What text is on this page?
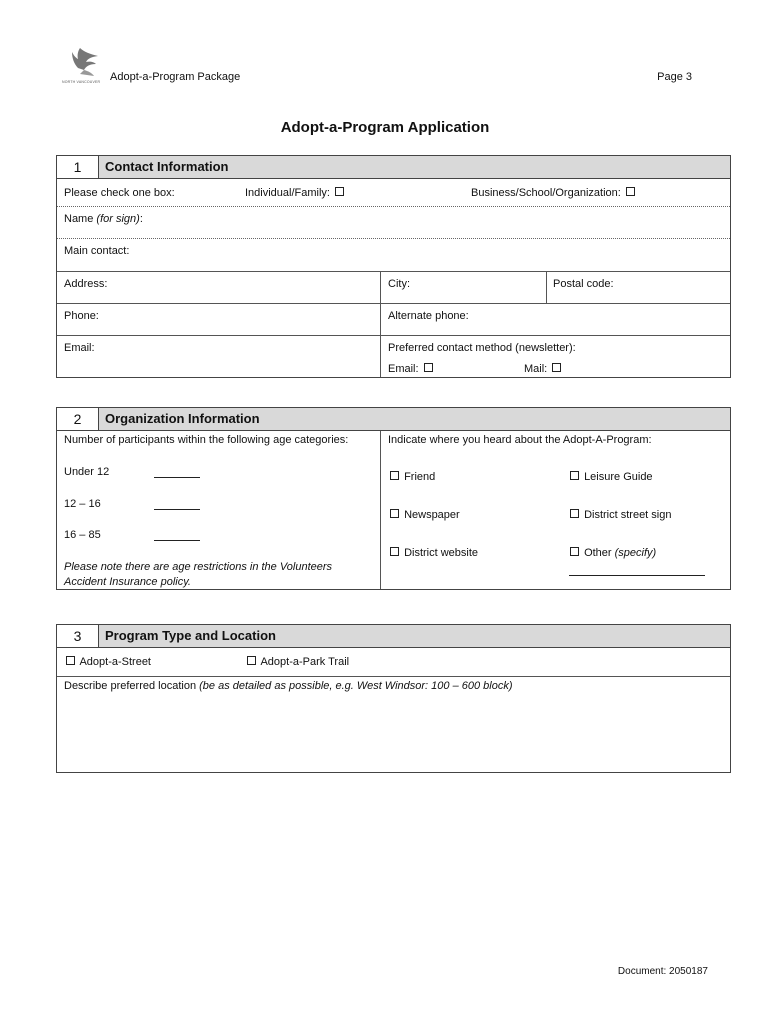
NORTH VANCOUVER Adopt-a-Program Package	Page 3
Adopt-a-Program Application
1	Contact Information
Please check one box:	Individual/Family:	Business/School/Organization:
Name (for sign):
Main contact:
Address:	City:	Postal code:
Phone:	Alternate phone:
Email:	Preferred contact method (newsletter):
Email:	Mail:
2	Organization Information
Number of participants within the following age categories:
Under 12
12 – 16
16 – 85
Please note there are age restrictions in the Volunteers
Accident Insurance policy.
Indicate where you heard about the Adopt-A-Program:
Friend	Leisure Guide
Newspaper	District street sign
District website	Other (specify)
3	Program Type and Location
Adopt-a-Street	Adopt-a-Park Trail
Describe preferred location (be as detailed as possible, e.g. West Windsor: 100 – 600 block)
Document: 2050187
